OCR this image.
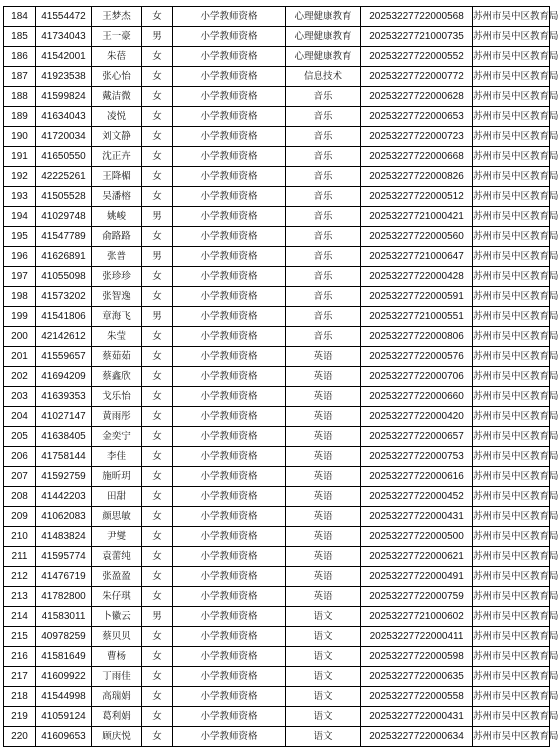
184	41554472	王梦杰	女	小学教师资格	心理健康教育	20253227722000568	苏州市吴中区教育局
185	41734043	王一豪	男	小学教师资格	心理健康教育	20253227721000735	苏州市吴中区教育局
186	41542001	朱蓓	女	小学教师资格	心理健康教育	20253227722000552	苏州市吴中区教育局
187	41923538	张心怡	女	小学教师资格	信息技术	20253227722000772	苏州市吴中区教育局
188	41599824	戴洁微	女	小学教师资格	音乐	20253227722000628	苏州市吴中区教育局
189	41634043	凌悦	女	小学教师资格	音乐	20253227722000653	苏州市吴中区教育局
190	41720034	刘文静	女	小学教师资格	音乐	20253227722000723	苏州市吴中区教育局
191	41650550	沈正卉	女	小学教师资格	音乐	20253227722000668	苏州市吴中区教育局
192	42225261	王降楣	女	小学教师资格	音乐	20253227722000826	苏州市吴中区教育局
193	41505528	吴潘榕	女	小学教师资格	音乐	20253227722000512	苏州市吴中区教育局
194	41029748	姚峻	男	小学教师资格	音乐	20253227721000421	苏州市吴中区教育局
195	41547789	俞路路	女	小学教师资格	音乐	20253227722000560	苏州市吴中区教育局
196	41626891	张普	男	小学教师资格	音乐	20253227721000647	苏州市吴中区教育局
197	41055098	张珍珍	女	小学教师资格	音乐	20253227722000428	苏州市吴中区教育局
198	41573202	张智逸	女	小学教师资格	音乐	20253227722000591	苏州市吴中区教育局
199	41541806	章海飞	男	小学教师资格	音乐	20253227721000551	苏州市吴中区教育局
200	42142612	朱莹	女	小学教师资格	音乐	20253227722000806	苏州市吴中区教育局
201	41559657	蔡茹茹	女	小学教师资格	英语	20253227722000576	苏州市吴中区教育局
202	41694209	蔡鑫欣	女	小学教师资格	英语	20253227722000706	苏州市吴中区教育局
203	41639353	戈乐怡	女	小学教师资格	英语	20253227722000660	苏州市吴中区教育局
204	41027147	黄雨彤	女	小学教师资格	英语	20253227722000420	苏州市吴中区教育局
205	41638405	金奕宁	女	小学教师资格	英语	20253227722000657	苏州市吴中区教育局
206	41758144	李佳	女	小学教师资格	英语	20253227722000753	苏州市吴中区教育局
207	41592759	施昕玥	女	小学教师资格	英语	20253227722000616	苏州市吴中区教育局
208	41442203	田甜	女	小学教师资格	英语	20253227722000452	苏州市吴中区教育局
209	41062083	颜思敏	女	小学教师资格	英语	20253227722000431	苏州市吴中区教育局
210	41483824	尹燮	女	小学教师资格	英语	20253227722000500	苏州市吴中区教育局
211	41595774	袁蕾纯	女	小学教师资格	英语	20253227722000621	苏州市吴中区教育局
212	41476719	张盈盈	女	小学教师资格	英语	20253227722000491	苏州市吴中区教育局
213	41782800	朱仔琪	女	小学教师资格	英语	20253227722000759	苏州市吴中区教育局
214	41583011	卜徽云	男	小学教师资格	语文	20253227721000602	苏州市吴中区教育局
215	40978259	蔡贝贝	女	小学教师资格	语文	20253227722000411	苏州市吴中区教育局
216	41581649	曹杨	女	小学教师资格	语文	20253227722000598	苏州市吴中区教育局
217	41609922	丁雨佳	女	小学教师资格	语文	20253227722000635	苏州市吴中区教育局
218	41544998	高瑞娟	女	小学教师资格	语文	20253227722000558	苏州市吴中区教育局
219	41059124	葛利娟	女	小学教师资格	语文	20253227722000431	苏州市吴中区教育局
220	41609653	顾庆悦	女	小学教师资格	语文	20253227722000634	苏州市吴中区教育局
